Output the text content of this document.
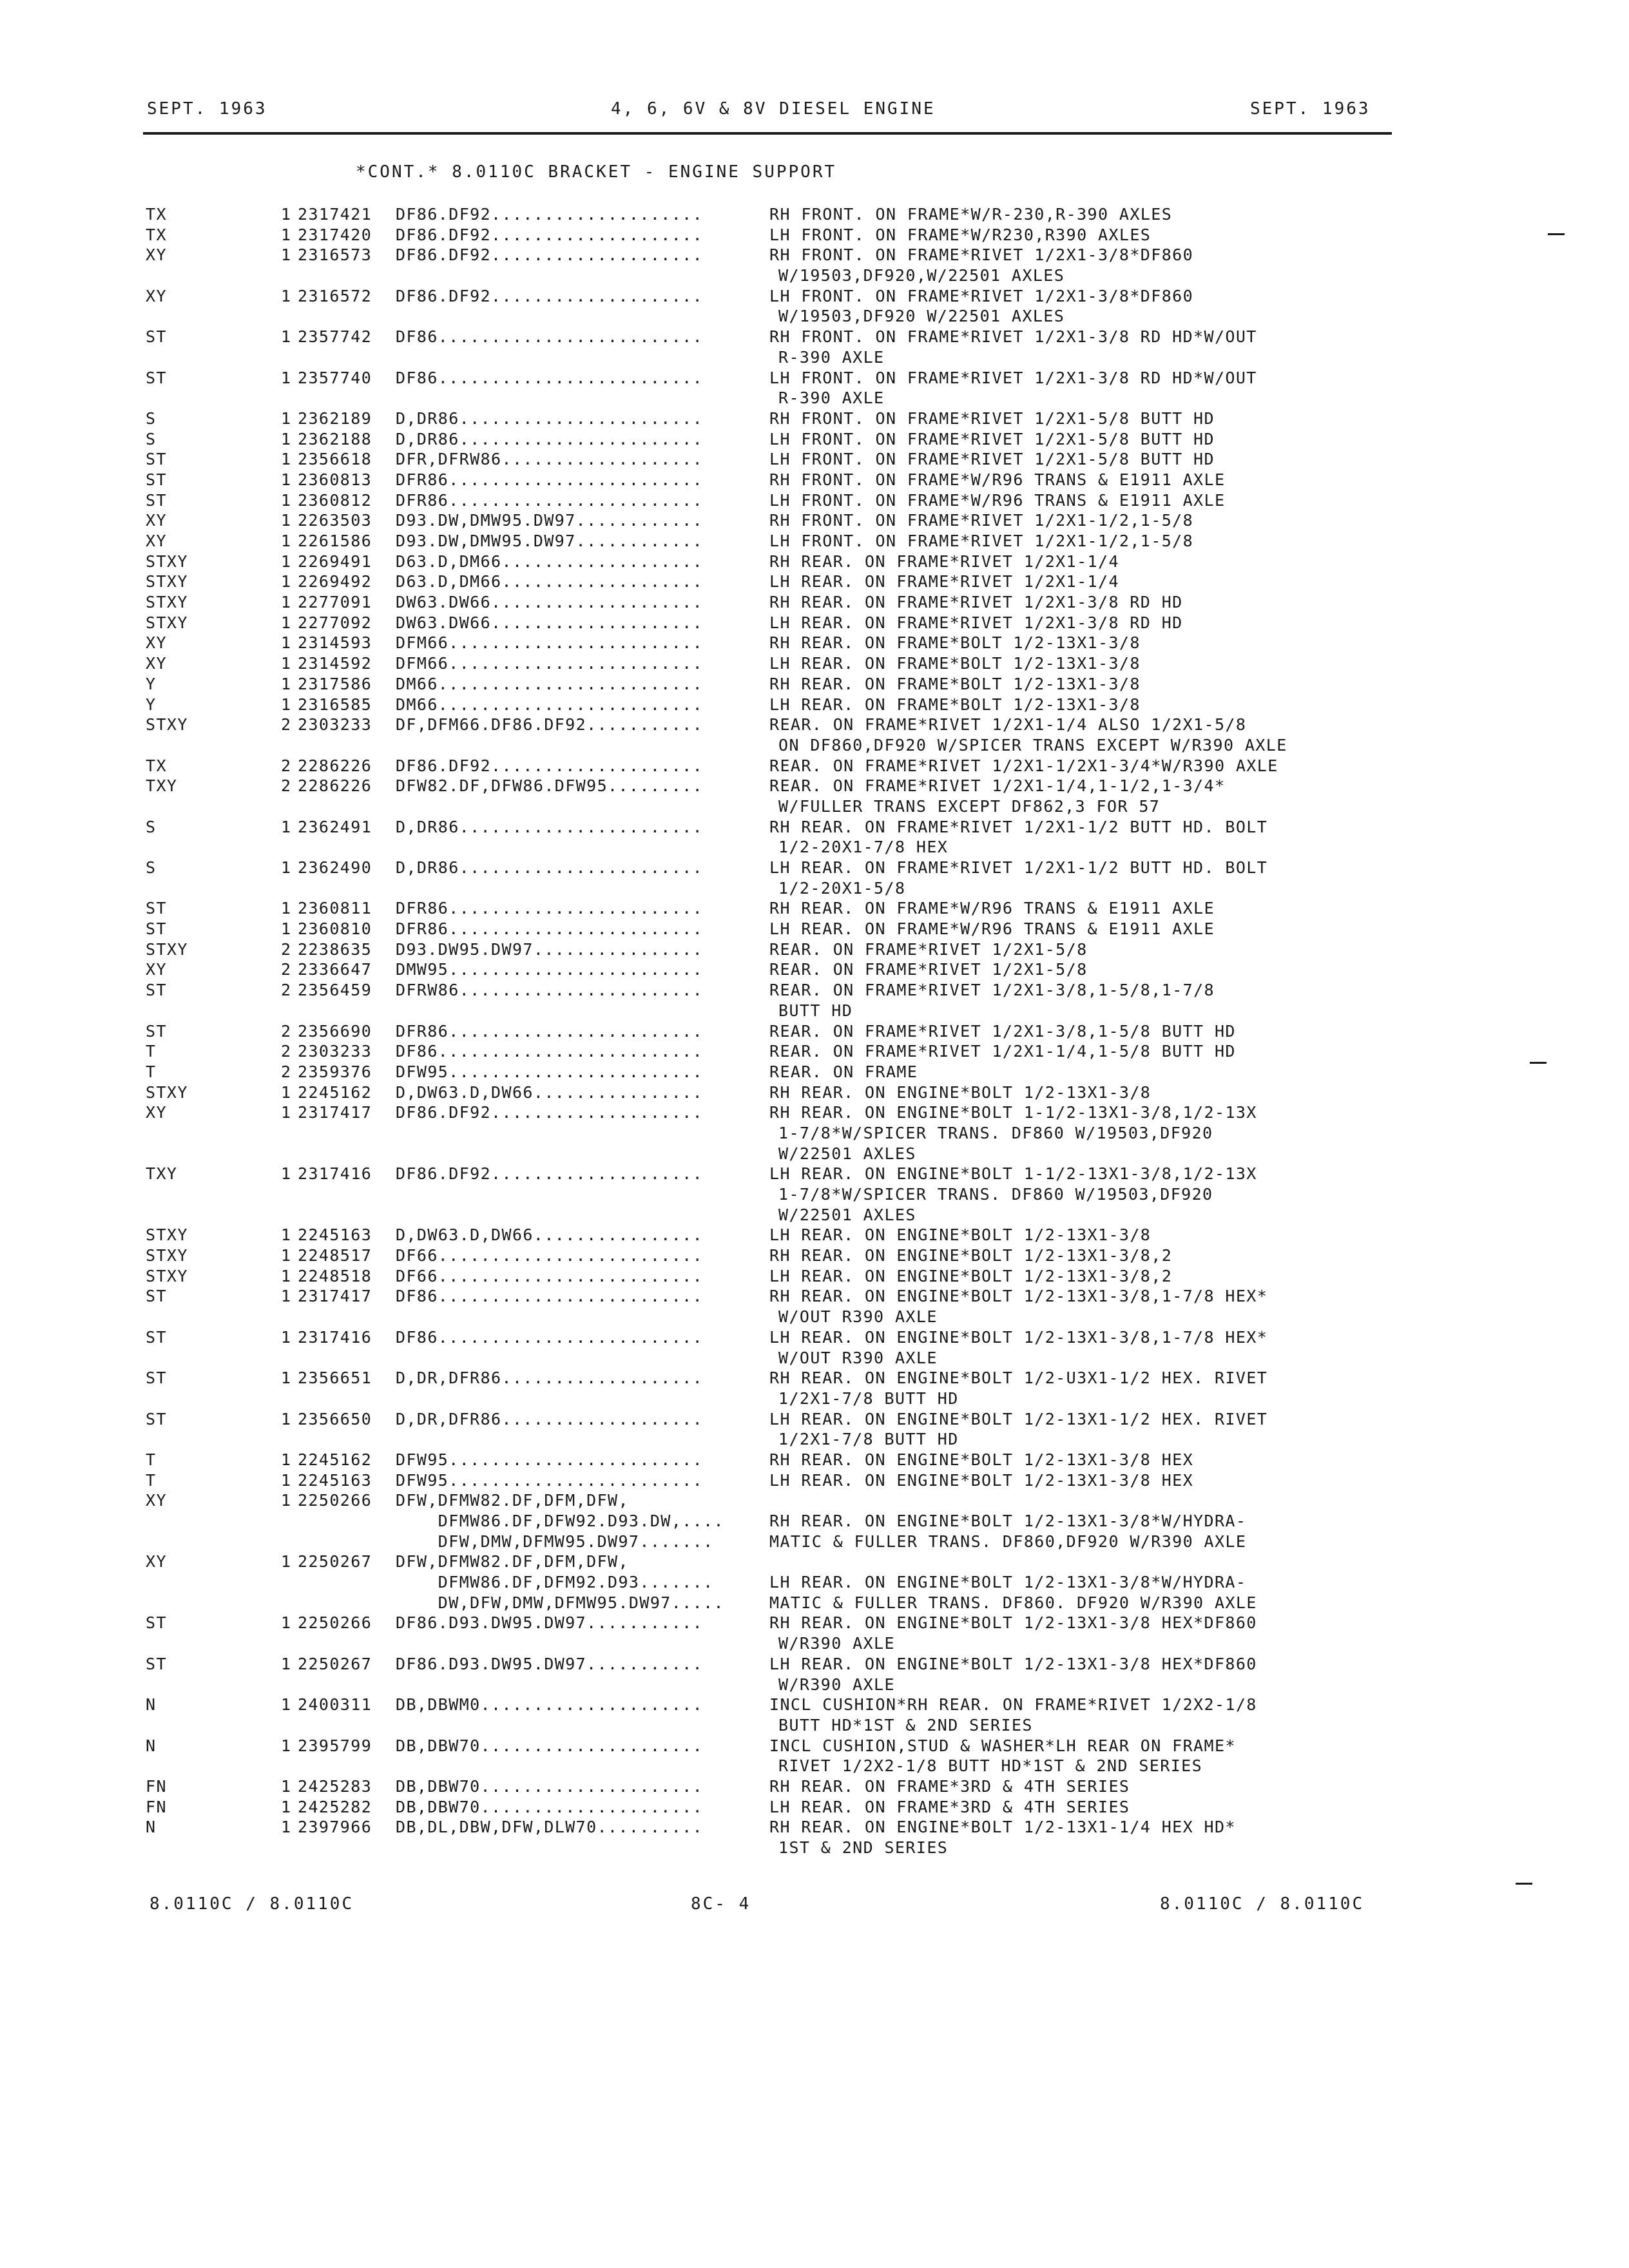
SEPT. 1963	4, 6, 6V & 8V DIESEL ENGINE	SEPT. 1963
*CONT.* 8.0110C BRACKET - ENGINE SUPPORT
TX	1 2317421 DF86.DF92....................	RH FRONT. ON FRAME*W/R-230,R-390 AXLES
TX	1 2317420 DF86.DF92....................	LH FRONT. ON FRAME*W/R230,R390 AXLES
XY	1 2316573 DF86.DF92....................	RH FRONT. ON FRAME*RIVET 1/2X1-3/8*DF860
W/19503,DF920,W/22501 AXLES
XY	1 2316572 DF86.DF92....................	LH FRONT. ON FRAME*RIVET 1/2X1-3/8*DF860
W/19503,DF920 W/22501 AXLES
ST	1 2357742 DF86.........................	RH FRONT. ON FRAME*RIVET 1/2X1-3/8 RD HD*W/OUT
R-390 AXLE
ST	1 2357740 DF86.........................	LH FRONT. ON FRAME*RIVET 1/2X1-3/8 RD HD*W/OUT
R-390 AXLE
S	1 2362189 D,DR86.......................	RH FRONT. ON FRAME*RIVET 1/2X1-5/8 BUTT HD
S	1 2362188 D,DR86.......................	LH FRONT. ON FRAME*RIVET 1/2X1-5/8 BUTT HD
ST	1 2356618 DFR,DFRW86...................	LH FRONT. ON FRAME*RIVET 1/2X1-5/8 BUTT HD
ST	1 2360813 DFR86........................	RH FRONT. ON FRAME*W/R96 TRANS & E1911 AXLE
ST	1 2360812 DFR86........................	LH FRONT. ON FRAME*W/R96 TRANS & E1911 AXLE
XY	1 2263503 D93.DW,DMW95.DW97............	RH FRONT. ON FRAME*RIVET 1/2X1-1/2,1-5/8
XY	1 2261586 D93.DW,DMW95.DW97............	LH FRONT. ON FRAME*RIVET 1/2X1-1/2,1-5/8
STXY	1 2269491 D63.D,DM66...................	RH REAR. ON FRAME*RIVET 1/2X1-1/4
STXY	1 2269492 D63.D,DM66...................	LH REAR. ON FRAME*RIVET 1/2X1-1/4
STXY	1 2277091 DW63.DW66....................	RH REAR. ON FRAME*RIVET 1/2X1-3/8 RD HD
STXY	1 2277092 DW63.DW66....................	LH REAR. ON FRAME*RIVET 1/2X1-3/8 RD HD
XY	1 2314593 DFM66........................	RH REAR. ON FRAME*BOLT 1/2-13X1-3/8
XY	1 2314592 DFM66........................	LH REAR. ON FRAME*BOLT 1/2-13X1-3/8
Y	1 2317586 DM66.........................	RH REAR. ON FRAME*BOLT 1/2-13X1-3/8
Y	1 2316585 DM66.........................	LH REAR. ON FRAME*BOLT 1/2-13X1-3/8
STXY	2 2303233 DF,DFM66.DF86.DF92...........	REAR. ON FRAME*RIVET 1/2X1-1/4 ALSO 1/2X1-5/8
ON DF860,DF920 W/SPICER TRANS EXCEPT W/R390 AXLE
TX	2 2286226 DF86.DF92....................	REAR. ON FRAME*RIVET 1/2X1-1/2X1-3/4*W/R390 AXLE
TXY	2 2286226 DFW82.DF,DFW86.DFW95.........	REAR. ON FRAME*RIVET 1/2X1-1/4,1-1/2,1-3/4*
W/FULLER TRANS EXCEPT DF862,3 FOR 57
S	1 2362491 D,DR86.......................	RH REAR. ON FRAME*RIVET 1/2X1-1/2 BUTT HD. BOLT
1/2-20X1-7/8 HEX
S	1 2362490 D,DR86.......................	LH REAR. ON FRAME*RIVET 1/2X1-1/2 BUTT HD. BOLT
1/2-20X1-5/8
ST	1 2360811 DFR86........................	RH REAR. ON FRAME*W/R96 TRANS & E1911 AXLE
ST	1 2360810 DFR86........................	LH REAR. ON FRAME*W/R96 TRANS & E1911 AXLE
STXY	2 2238635 D93.DW95.DW97................	REAR. ON FRAME*RIVET 1/2X1-5/8
XY	2 2336647 DMW95........................	REAR. ON FRAME*RIVET 1/2X1-5/8
ST	2 2356459 DFRW86.......................	REAR. ON FRAME*RIVET 1/2X1-3/8,1-5/8,1-7/8
BUTT HD
ST	2 2356690 DFR86........................	REAR. ON FRAME*RIVET 1/2X1-3/8,1-5/8 BUTT HD
T	2 2303233 DF86.........................	REAR. ON FRAME*RIVET 1/2X1-1/4,1-5/8 BUTT HD
T	2 2359376 DFW95........................	REAR. ON FRAME
STXY	1 2245162 D,DW63.D,DW66................	RH REAR. ON ENGINE*BOLT 1/2-13X1-3/8
XY	1 2317417 DF86.DF92....................	RH REAR. ON ENGINE*BOLT 1-1/2-13X1-3/8,1/2-13X
1-7/8*W/SPICER TRANS. DF860 W/19503,DF920
W/22501 AXLES
TXY	1 2317416 DF86.DF92....................	LH REAR. ON ENGINE*BOLT 1-1/2-13X1-3/8,1/2-13X
1-7/8*W/SPICER TRANS. DF860 W/19503,DF920
W/22501 AXLES
STXY	1 2245163 D,DW63.D,DW66................	LH REAR. ON ENGINE*BOLT 1/2-13X1-3/8
STXY	1 2248517 DF66.........................	RH REAR. ON ENGINE*BOLT 1/2-13X1-3/8,2
STXY	1 2248518 DF66.........................	LH REAR. ON ENGINE*BOLT 1/2-13X1-3/8,2
ST	1 2317417 DF86.........................	RH REAR. ON ENGINE*BOLT 1/2-13X1-3/8,1-7/8 HEX*
W/OUT R390 AXLE
ST	1 2317416 DF86.........................	LH REAR. ON ENGINE*BOLT 1/2-13X1-3/8,1-7/8 HEX*
W/OUT R390 AXLE
ST	1 2356651 D,DR,DFR86...................	RH REAR. ON ENGINE*BOLT 1/2-U3X1-1/2 HEX. RIVET
1/2X1-7/8 BUTT HD
ST	1 2356650 D,DR,DFR86...................	LH REAR. ON ENGINE*BOLT 1/2-13X1-1/2 HEX. RIVET
1/2X1-7/8 BUTT HD
T	1 2245162 DFW95........................	RH REAR. ON ENGINE*BOLT 1/2-13X1-3/8 HEX
T	1 2245163 DFW95........................	LH REAR. ON ENGINE*BOLT 1/2-13X1-3/8 HEX
XY	1 2250266 DFW,DFMW82.DF,DFM,DFW,
DFMW86.DF,DFW92.D93.DW,....	RH REAR. ON ENGINE*BOLT 1/2-13X1-3/8*W/HYDRA-
DFW,DMW,DFMW95.DW97.......	MATIC & FULLER TRANS. DF860,DF920 W/R390 AXLE
XY	1 2250267 DFW,DFMW82.DF,DFM,DFW,
DFMW86.DF,DFM92.D93.......	LH REAR. ON ENGINE*BOLT 1/2-13X1-3/8*W/HYDRA-
DW,DFW,DMW,DFMW95.DW97.....	MATIC & FULLER TRANS. DF860. DF920 W/R390 AXLE
ST	1 2250266 DF86.D93.DW95.DW97...........	RH REAR. ON ENGINE*BOLT 1/2-13X1-3/8 HEX*DF860
W/R390 AXLE
ST	1 2250267 DF86.D93.DW95.DW97...........	LH REAR. ON ENGINE*BOLT 1/2-13X1-3/8 HEX*DF860
W/R390 AXLE
N	1 2400311 DB,DBWM0.....................	INCL CUSHION*RH REAR. ON FRAME*RIVET 1/2X2-1/8
BUTT HD*1ST & 2ND SERIES
N	1 2395799 DB,DBW70.....................	INCL CUSHION,STUD & WASHER*LH REAR ON FRAME*
RIVET 1/2X2-1/8 BUTT HD*1ST & 2ND SERIES
FN	1 2425283 DB,DBW70.....................	RH REAR. ON FRAME*3RD & 4TH SERIES
FN	1 2425282 DB,DBW70.....................	LH REAR. ON FRAME*3RD & 4TH SERIES
N	1 2397966 DB,DL,DBW,DFW,DLW70..........	RH REAR. ON ENGINE*BOLT 1/2-13X1-1/4 HEX HD*
1ST & 2ND SERIES
8.0110C / 8.0110C	8C- 4	8.0110C / 8.0110C
